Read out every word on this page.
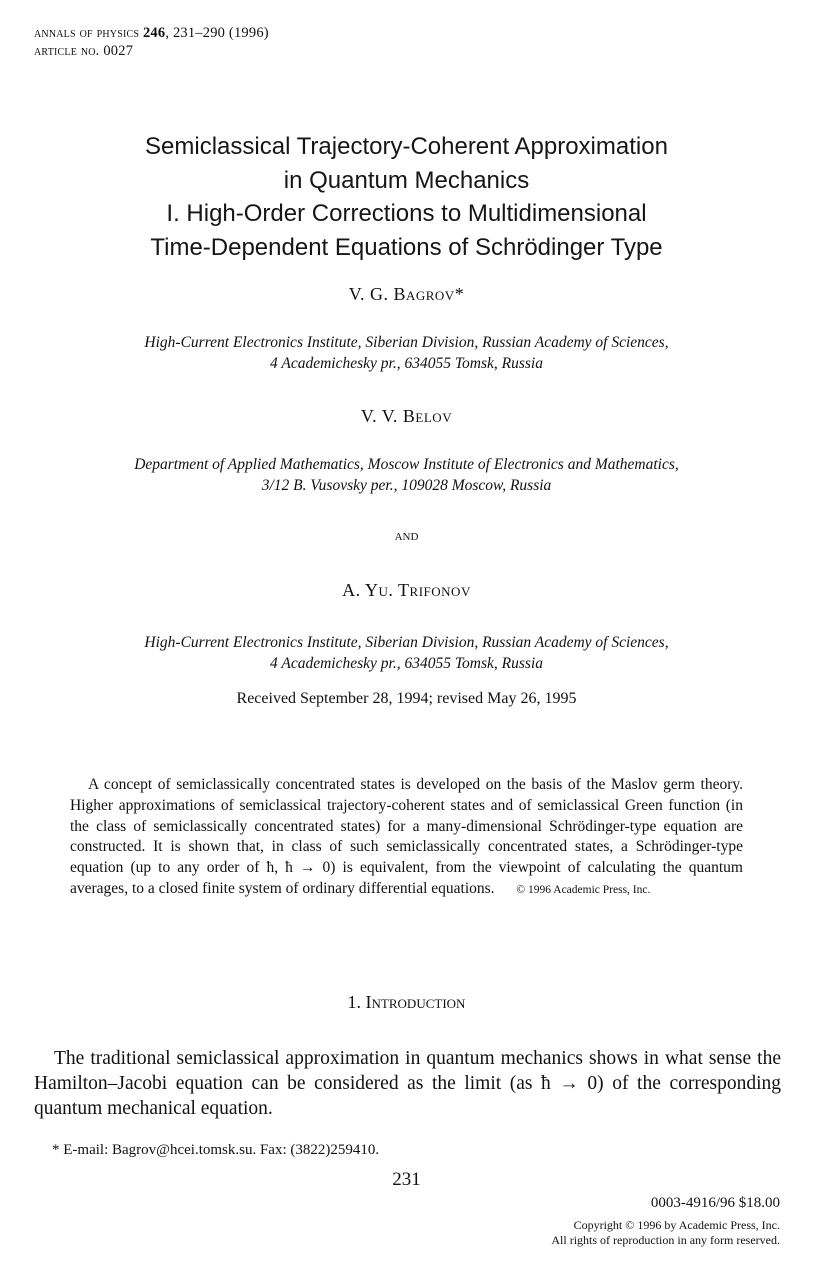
annals of physics 246, 231–290 (1996)
article no. 0027
Semiclassical Trajectory-Coherent Approximation
in Quantum Mechanics
I. High-Order Corrections to Multidimensional
Time-Dependent Equations of Schrödinger Type
V. G. Bagrov*
High-Current Electronics Institute, Siberian Division, Russian Academy of Sciences,
4 Academichesky pr., 634055 Tomsk, Russia
V. V. Belov
Department of Applied Mathematics, Moscow Institute of Electronics and Mathematics,
3/12 B. Vusovsky per., 109028 Moscow, Russia
and
A. Yu. Trifonov
High-Current Electronics Institute, Siberian Division, Russian Academy of Sciences,
4 Academichesky pr., 634055 Tomsk, Russia
Received September 28, 1994; revised May 26, 1995
A concept of semiclassically concentrated states is developed on the basis of the Maslov germ theory. Higher approximations of semiclassical trajectory-coherent states and of semiclassical Green function (in the class of semiclassically concentrated states) for a many-dimensional Schrödinger-type equation are constructed. It is shown that, in class of such semiclassically concentrated states, a Schrödinger-type equation (up to any order of ħ, ħ → 0) is equivalent, from the viewpoint of calculating the quantum averages, to a closed finite system of ordinary differential equations. © 1996 Academic Press, Inc.
1. Introduction
The traditional semiclassical approximation in quantum mechanics shows in what sense the Hamilton–Jacobi equation can be considered as the limit (as ħ → 0) of the corresponding quantum mechanical equation.
* E-mail: Bagrov@hcei.tomsk.su. Fax: (3822)259410.
231
0003-4916/96 $18.00
Copyright © 1996 by Academic Press, Inc.
All rights of reproduction in any form reserved.
